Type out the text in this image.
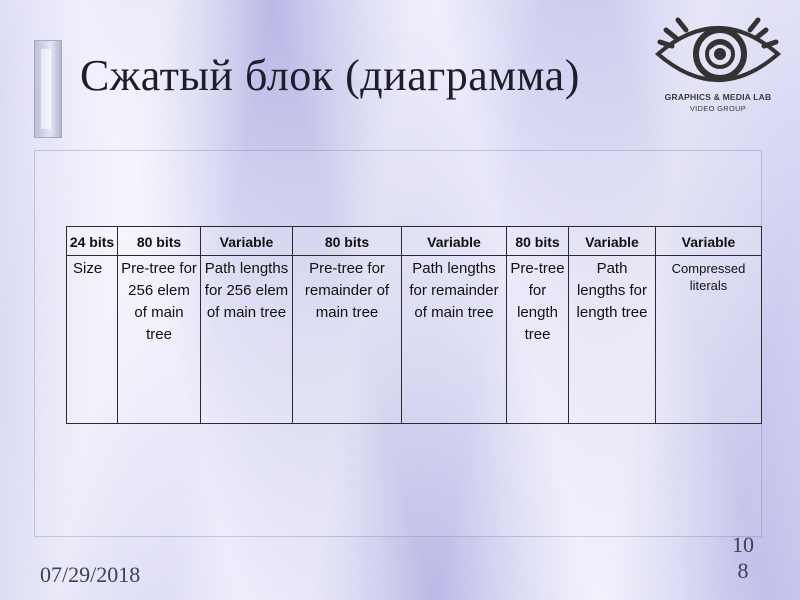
Сжатый блок (диаграмма)	GRAPHICS & MEDIA LAB
VIDEO GROUP
24 bits	80 bits	Variable	80 bits	Variable	80 bits	Variable	Variable
Size	Pre-tree for 256 elem of main tree	Path lengths for 256 elem of main tree	Pre-tree for remainder of main tree	Path lengths for remainder of main tree	Pre-tree for length tree	Path lengths for length tree	Compressed literals
07/29/2018
108
